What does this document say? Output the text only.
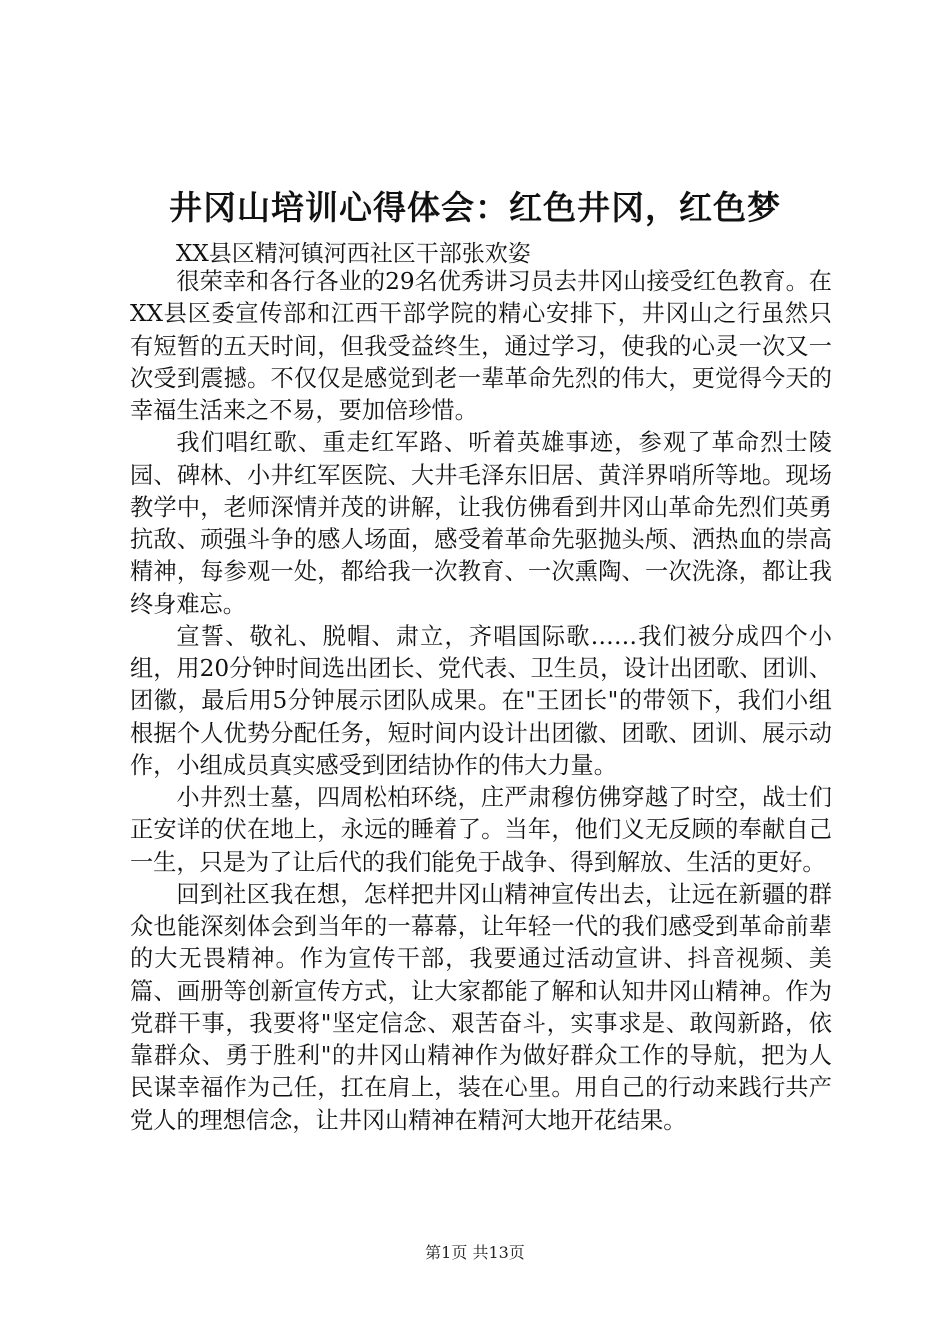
井冈山培训心得体会：红色井冈，红色梦
XX县区精河镇河西社区干部张欢姿

很荣幸和各行各业的29名优秀讲习员去井冈山接受红色教育。在XX县区委宣传部和江西干部学院的精心安排下，井冈山之行虽然只有短暂的五天时间，但我受益终生，通过学习，使我的心灵一次又一次受到震撼。不仅仅是感觉到老一辈革命先烈的伟大，更觉得今天的幸福生活来之不易，要加倍珍惜。

我们唱红歌、重走红军路、听着英雄事迹，参观了革命烈士陵园、碑林、小井红军医院、大井毛泽东旧居、黄洋界哨所等地。现场教学中，老师深情并茂的讲解，让我仿佛看到井冈山革命先烈们英勇抗敌、顽强斗争的感人场面，感受着革命先驱抛头颅、洒热血的崇高精神，每参观一处，都给我一次教育、一次熏陶、一次洗涤，都让我终身难忘。

宣誓、敬礼、脱帽、肃立，齐唱国际歌……我们被分成四个小组，用20分钟时间选出团长、党代表、卫生员，设计出团歌、团训、团徽，最后用5分钟展示团队成果。在"王团长"的带领下，我们小组根据个人优势分配任务，短时间内设计出团徽、团歌、团训、展示动作，小组成员真实感受到团结协作的伟大力量。

小井烈士墓，四周松柏环绕，庄严肃穆仿佛穿越了时空，战士们正安详的伏在地上，永远的睡着了。当年，他们义无反顾的奉献自己一生，只是为了让后代的我们能免于战争、得到解放、生活的更好。

回到社区我在想，怎样把井冈山精神宣传出去，让远在新疆的群众也能深刻体会到当年的一幕幕，让年轻一代的我们感受到革命前辈的大无畏精神。作为宣传干部，我要通过活动宣讲、抖音视频、美篇、画册等创新宣传方式，让大家都能了解和认知井冈山精神。作为党群干事，我要将"坚定信念、艰苦奋斗，实事求是、敢闯新路，依靠群众、勇于胜利"的井冈山精神作为做好群众工作的导航，把为人民谋幸福作为己任，扛在肩上，装在心里。用自己的行动来践行共产党人的理想信念，让井冈山精神在精河大地开花结果。

第1页 共13页
